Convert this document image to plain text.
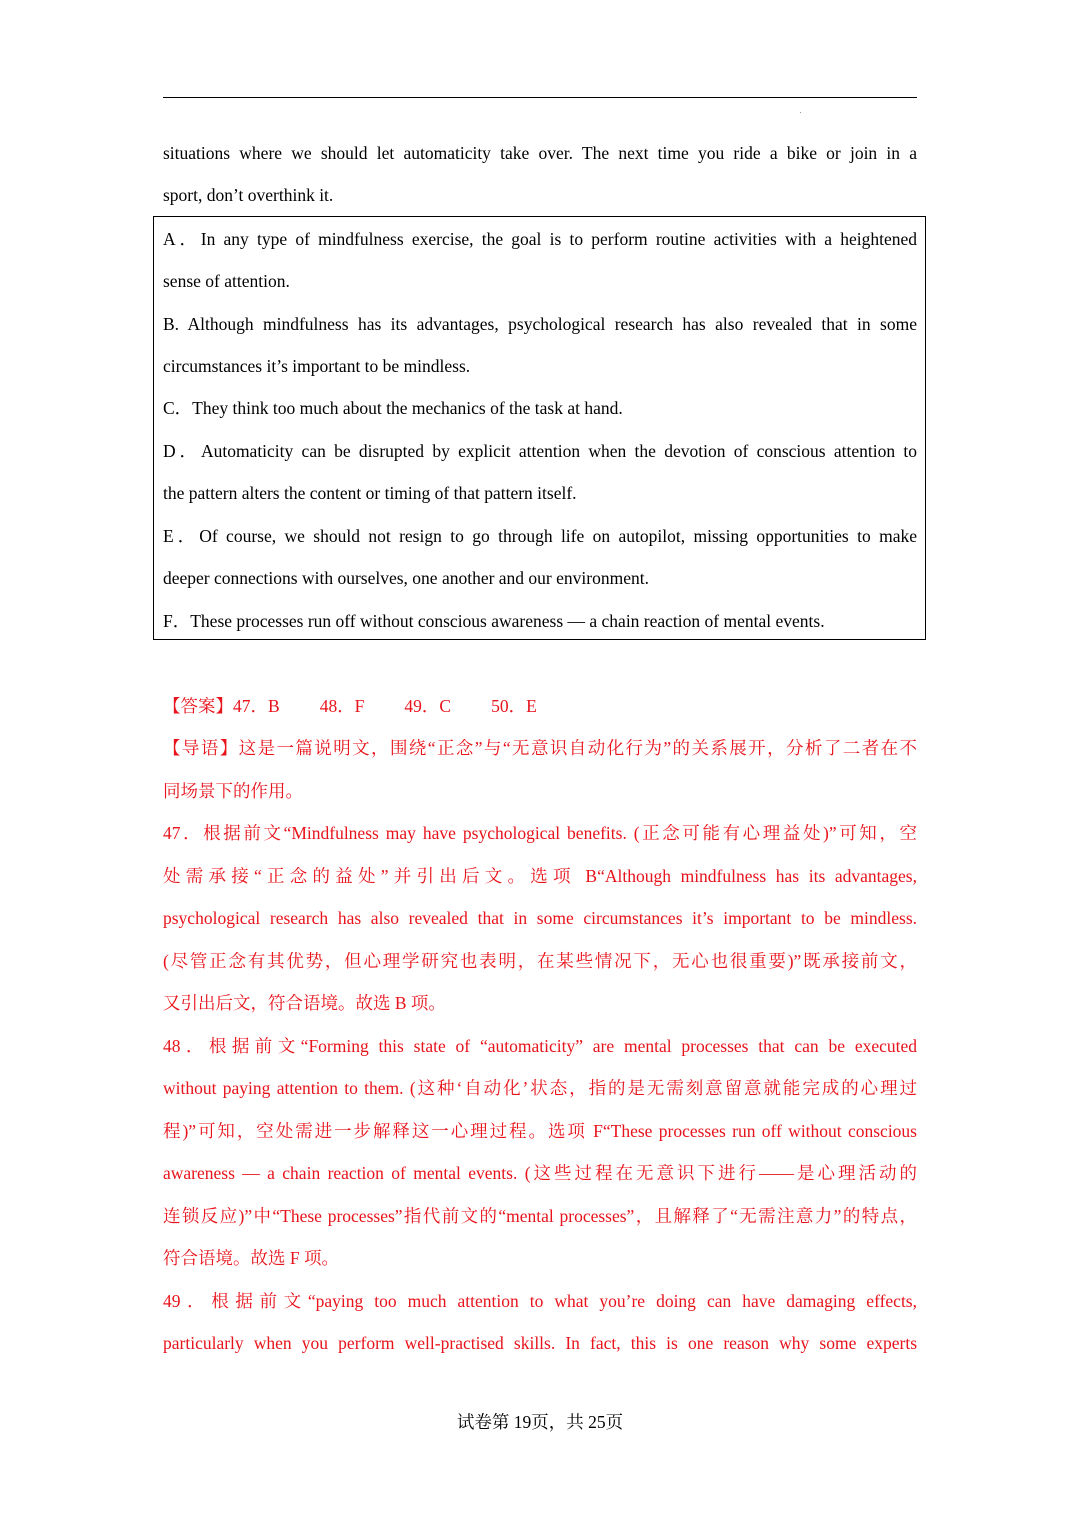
situations where we should let automaticity take over. The next time you ride a bike or join in a
sport, don’t overthink it.
A．In any type of mindfulness exercise, the goal is to perform routine activities with a heightened
sense of attention.
B. Although mindfulness has its advantages, psychological research has also revealed that in some
circumstances it’s important to be mindless.
C．They think too much about the mechanics of the task at hand.
D．Automaticity can be disrupted by explicit attention when the devotion of conscious attention to
the pattern alters the content or timing of that pattern itself.
E．Of course, we should not resign to go through life on autopilot, missing opportunities to make
deeper connections with ourselves, one another and our environment.
F．These processes run off without conscious awareness — a chain reaction of mental events.
【答案】47．B 48．F 49．C 50．E
【导语】这是一篇说明文，围绕“正念”与“无意识自动化行为”的关系展开，分析了二者在不
同场景下的作用。
47．根据前文“Mindfulness may have psychological benefits. (正念可能有心理益处)”可知，空
处需承接“正念的益处”并引出后文。选项 B“Although mindfulness has its advantages,
psychological research has also revealed that in some circumstances it’s important to be mindless.
(尽管正念有其优势，但心理学研究也表明，在某些情况下，无心也很重要)”既承接前文，
又引出后文，符合语境。故选 B 项。
48．根据前文“Forming this state of “automaticity” are mental processes that can be executed
without paying attention to them. (这种‘自动化’状态，指的是无需刻意留意就能完成的心理过
程)”可知，空处需进一步解释这一心理过程。选项 F“These processes run off without conscious
awareness — a chain reaction of mental events. (这些过程在无意识下进行——是心理活动的
连锁反应)”中“These processes”指代前文的“mental processes”，且解释了“无需注意力”的特点，
符合语境。故选 F 项。
49．根据前文“paying too much attention to what you’re doing can have damaging effects,
particularly when you perform well-practised skills. In fact, this is one reason why some experts
试卷第 19页，共 25页
